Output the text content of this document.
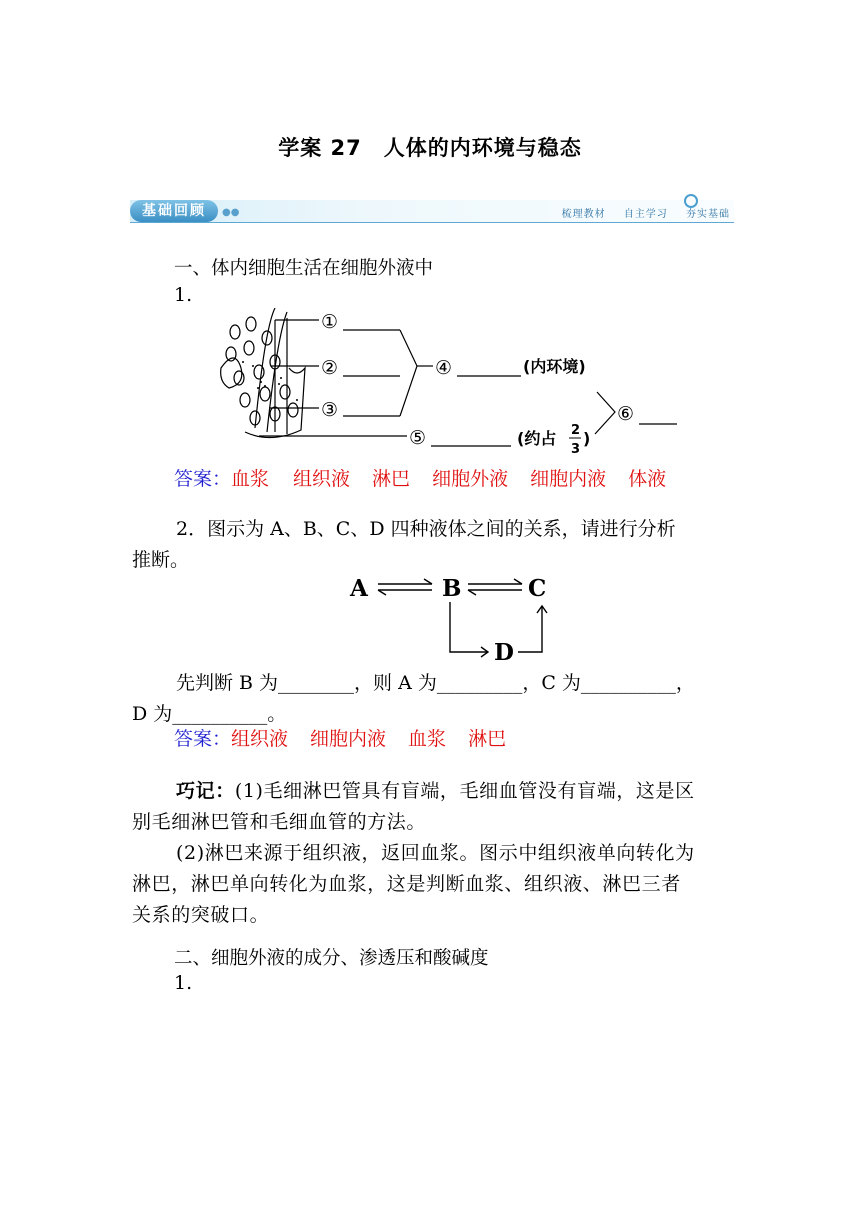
学案 27　人体的内环境与稳态
基础回顾	●●	梳理教材 自主学习 夯实基础
一、体内细胞生活在细胞外液中
1.
①
②
③
④
⑤
⑥
(内环境)
(约占 2
3
)
答案：血浆 组织液 淋巴 细胞外液 细胞内液 体液
2．图示为 A、B、C、D 四种液体之间的关系，请进行分析
推断。
A	B	C
D
先判断 B 为________，则 A 为_________，C 为__________，
D 为__________。
答案：组织液 细胞内液 血浆 淋巴
巧记：(1)毛细淋巴管具有盲端，毛细血管没有盲端，这是区
别毛细淋巴管和毛细血管的方法。
(2)淋巴来源于组织液，返回血浆。图示中组织液单向转化为
淋巴，淋巴单向转化为血浆，这是判断血浆、组织液、淋巴三者
关系的突破口。
二、细胞外液的成分、渗透压和酸碱度
1.
